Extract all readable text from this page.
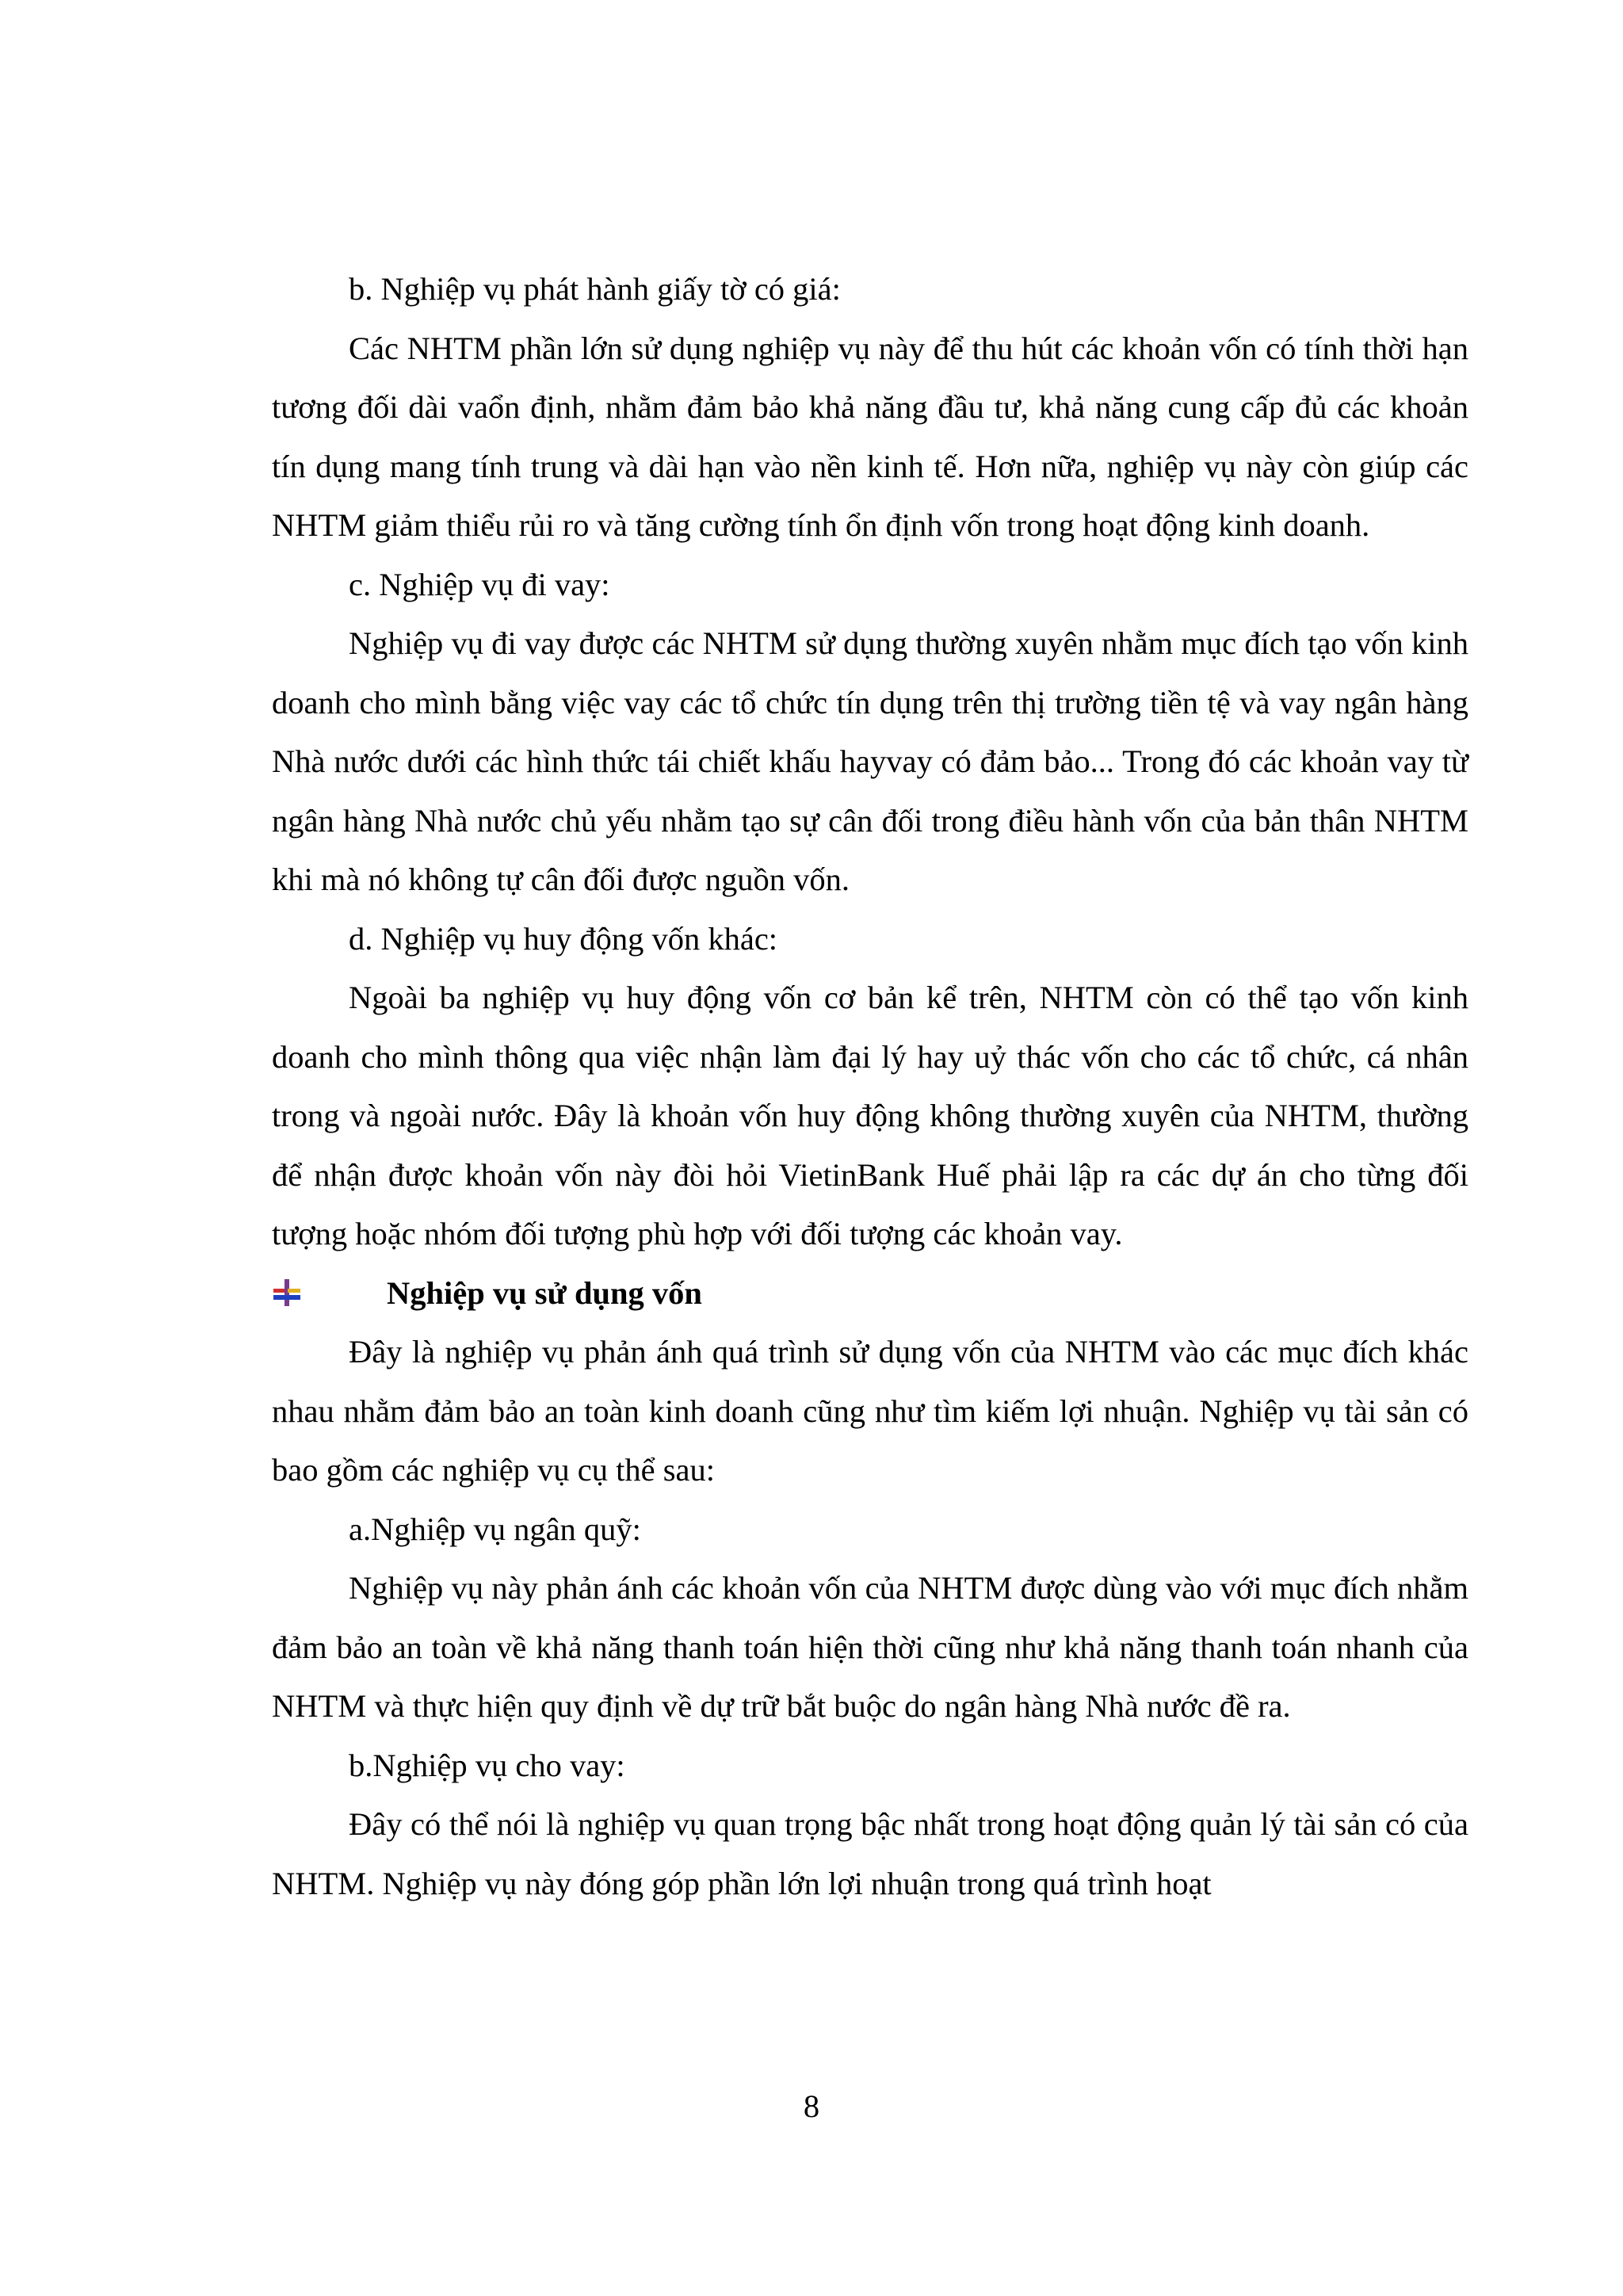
b. Nghiệp vụ phát hành giấy tờ có giá:

Các NHTM phần lớn sử dụng nghiệp vụ này để thu hút các khoản vốn có tính thời hạn tương đối dài vaổn định, nhằm đảm bảo khả năng đầu tư, khả năng cung cấp đủ các khoản tín dụng mang tính trung và dài hạn vào nền kinh tế. Hơn nữa, nghiệp vụ này còn giúp các NHTM giảm thiểu rủi ro và tăng cường tính ổn định vốn trong hoạt động kinh doanh.

c. Nghiệp vụ đi vay:

Nghiệp vụ đi vay được các NHTM sử dụng thường xuyên nhằm mục đích tạo vốn kinh doanh cho mình bằng việc vay các tổ chức tín dụng trên thị trường tiền tệ và vay ngân hàng Nhà nước dưới các hình thức tái chiết khấu hayvay có đảm bảo... Trong đó các khoản vay từ ngân hàng Nhà nước chủ yếu nhằm tạo sự cân đối trong điều hành vốn của bản thân NHTM khi mà nó không tự cân đối được nguồn vốn.

d. Nghiệp vụ huy động vốn khác:

Ngoài ba nghiệp vụ huy động vốn cơ bản kể trên, NHTM còn có thể tạo vốn kinh doanh cho mình thông qua việc nhận làm đại lý hay uỷ thác vốn cho các tổ chức, cá nhân trong và ngoài nước. Đây là khoản vốn huy động không thường xuyên của NHTM, thường để nhận được khoản vốn này đòi hỏi VietinBank Huế phải lập ra các dự án cho từng đối tượng hoặc nhóm đối tượng phù hợp với đối tượng các khoản vay.

Nghiệp vụ sử dụng vốn

Đây là nghiệp vụ phản ánh quá trình sử dụng vốn của NHTM vào các mục đích khác nhau nhằm đảm bảo an toàn kinh doanh cũng như tìm kiếm lợi nhuận. Nghiệp vụ tài sản có bao gồm các nghiệp vụ cụ thể sau:

a.Nghiệp vụ ngân quỹ:

Nghiệp vụ này phản ánh các khoản vốn của NHTM được dùng vào với mục đích nhằm đảm bảo an toàn về khả năng thanh toán hiện thời cũng như khả năng thanh toán nhanh của NHTM và thực hiện quy định về dự trữ bắt buộc do ngân hàng Nhà nước đề ra.

b.Nghiệp vụ cho vay:

Đây có thể nói là nghiệp vụ quan trọng bậc nhất trong hoạt động quản lý tài sản có của NHTM. Nghiệp vụ này đóng góp phần lớn lợi nhuận trong quá trình hoạt

8
